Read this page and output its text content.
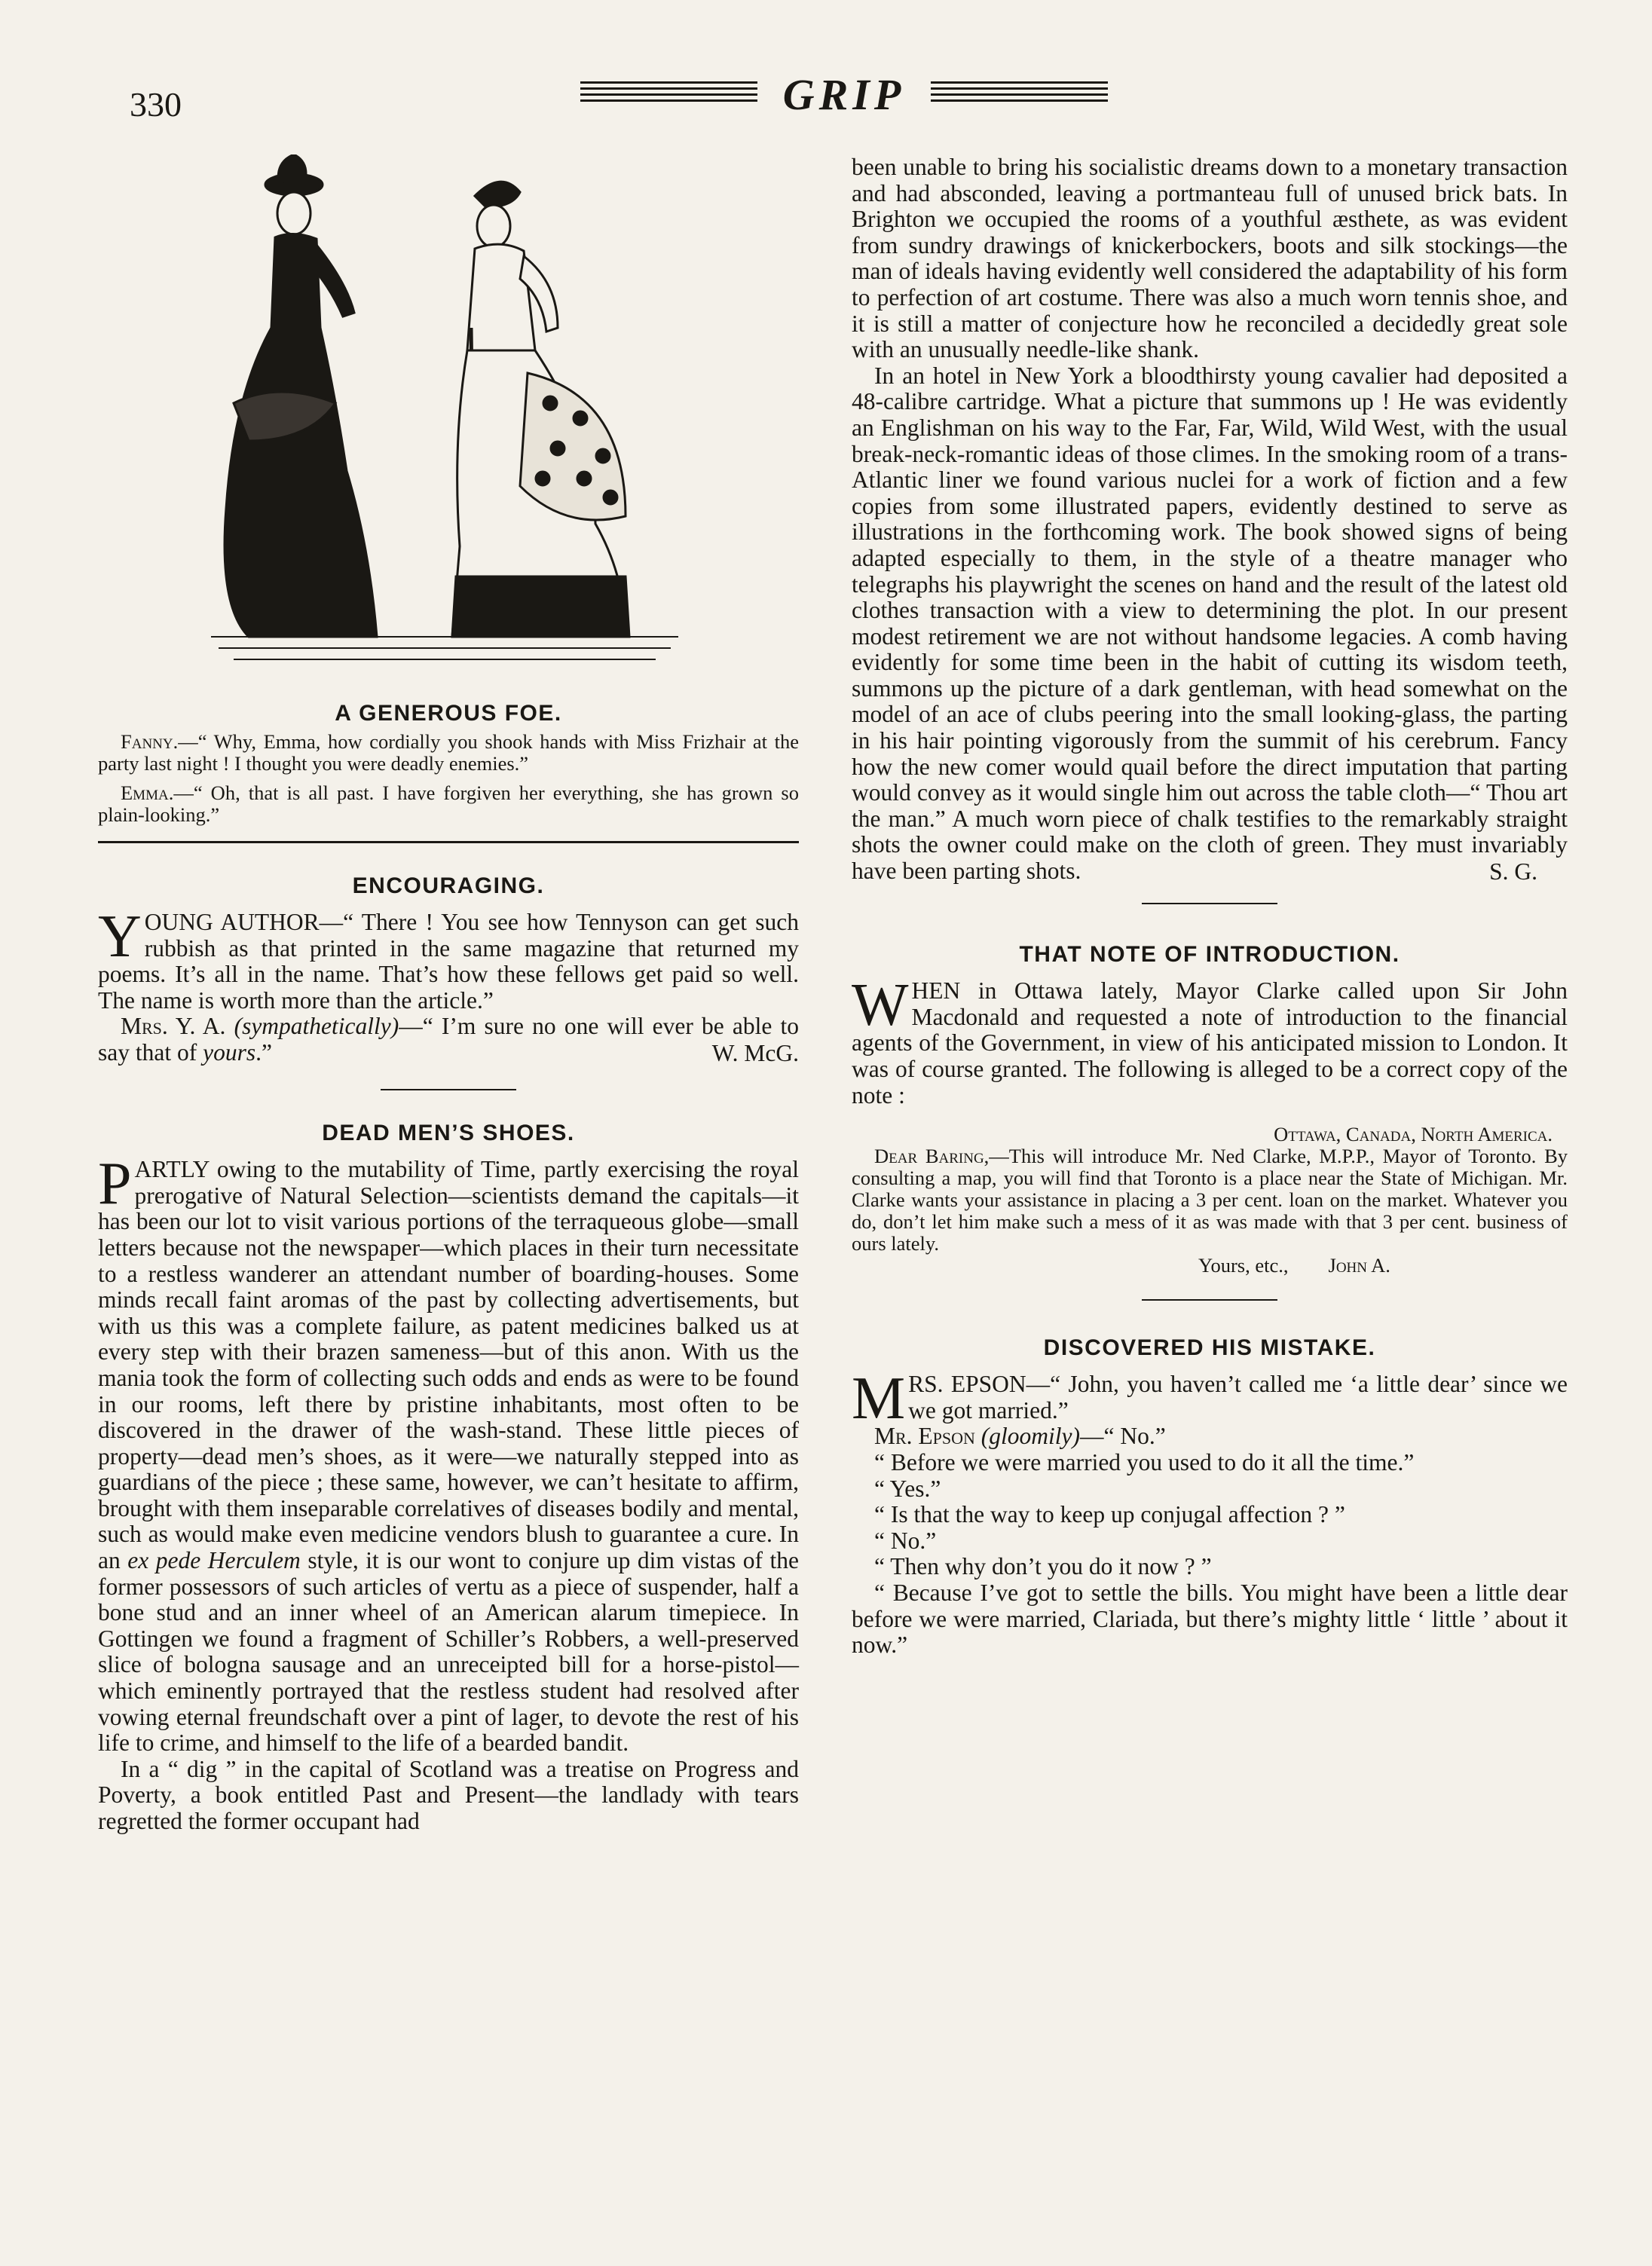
330	GRIP
A GENEROUS FOE.

Fanny.—“ Why, Emma, how cordially you shook hands with Miss Frizhair at the party last night ! I thought you were deadly enemies.”

Emma.—“ Oh, that is all past. I have forgiven her everything, she has grown so plain-looking.”

ENCOURAGING.

YOUNG AUTHOR—“ There ! You see how Tennyson can get such rubbish as that printed in the same magazine that returned my poems. It’s all in the name. That’s how these fellows get paid so well. The name is worth more than the article.”

Mrs. Y. A. (sympathetically)—“ I’m sure no one will ever be able to say that of yours.”	W. McG.

DEAD MEN’S SHOES.

PARTLY owing to the mutability of Time, partly exercising the royal prerogative of Natural Selection—scientists demand the capitals—it has been our lot to visit various portions of the terraqueous globe—small letters because not the newspaper—which places in their turn necessitate to a restless wanderer an attendant number of boarding-houses. Some minds recall faint aromas of the past by collecting advertisements, but with us this was a complete failure, as patent medicines balked us at every step with their brazen sameness—but of this anon. With us the mania took the form of collecting such odds and ends as were to be found in our rooms, left there by pristine inhabitants, most often to be discovered in the drawer of the wash-stand. These little pieces of property—dead men’s shoes, as it were—we naturally stepped into as guardians of the piece ; these same, however, we can’t hesitate to affirm, brought with them inseparable correlatives of diseases bodily and mental, such as would make even medicine vendors blush to guarantee a cure. In an ex pede Herculem style, it is our wont to conjure up dim vistas of the former possessors of such articles of vertu as a piece of suspender, half a bone stud and an inner wheel of an American alarum timepiece. In Gottingen we found a fragment of Schiller’s Robbers, a well-preserved slice of bologna sausage and an unreceipted bill for a horse-pistol—which eminently portrayed that the restless student had resolved after vowing eternal freundschaft over a pint of lager, to devote the rest of his life to crime, and himself to the life of a bearded bandit.

In a “ dig ” in the capital of Scotland was a treatise on Progress and Poverty, a book entitled Past and Present—the landlady with tears regretted the former occupant had

been unable to bring his socialistic dreams down to a monetary transaction and had absconded, leaving a portmanteau full of unused brick bats. In Brighton we occupied the rooms of a youthful æsthete, as was evident from sundry drawings of knickerbockers, boots and silk stockings—the man of ideals having evidently well considered the adaptability of his form to perfection of art costume. There was also a much worn tennis shoe, and it is still a matter of conjecture how he reconciled a decidedly great sole with an unusually needle-like shank.

In an hotel in New York a bloodthirsty young cavalier had deposited a 48-calibre cartridge. What a picture that summons up ! He was evidently an Englishman on his way to the Far, Far, Wild, Wild West, with the usual break-neck-romantic ideas of those climes. In the smoking room of a trans-Atlantic liner we found various nuclei for a work of fiction and a few copies from some illustrated papers, evidently destined to serve as illustrations in the forthcoming work. The book showed signs of being adapted especially to them, in the style of a theatre manager who telegraphs his playwright the scenes on hand and the result of the latest old clothes transaction with a view to determining the plot. In our present modest retirement we are not without handsome legacies. A comb having evidently for some time been in the habit of cutting its wisdom teeth, summons up the picture of a dark gentleman, with head somewhat on the model of an ace of clubs peering into the small looking-glass, the parting in his hair pointing vigorously from the summit of his cerebrum. Fancy how the new comer would quail before the direct imputation that parting would convey as it would single him out across the table cloth—“ Thou art the man.” A much worn piece of chalk testifies to the remarkably straight shots the owner could make on the cloth of green. They must invariably have been parting shots.	S. G.

THAT NOTE OF INTRODUCTION.

WHEN in Ottawa lately, Mayor Clarke called upon Sir John Macdonald and requested a note of introduction to the financial agents of the Government, in view of his anticipated mission to London. It was of course granted. The following is alleged to be a correct copy of the note :

Ottawa, Canada, North America.

Dear Baring,—This will introduce Mr. Ned Clarke, M.P.P., Mayor of Toronto. By consulting a map, you will find that Toronto is a place near the State of Michigan. Mr. Clarke wants your assistance in placing a 3 per cent. loan on the market. Whatever you do, don’t let him make such a mess of it as was made with that 3 per cent. business of ours lately.

Yours, etc., John A.

DISCOVERED HIS MISTAKE.

MRS. EPSON—“ John, you haven’t called me ‘a little dear’ since we we got married.”

Mr. Epson (gloomily)—“ No.”

“ Before we were married you used to do it all the time.”

“ Yes.”

“ Is that the way to keep up conjugal affection ? ”

“ No.”

“ Then why don’t you do it now ? ”

“ Because I’ve got to settle the bills. You might have been a little dear before we were married, Clariada, but there’s mighty little ‘ little ’ about it now.”
